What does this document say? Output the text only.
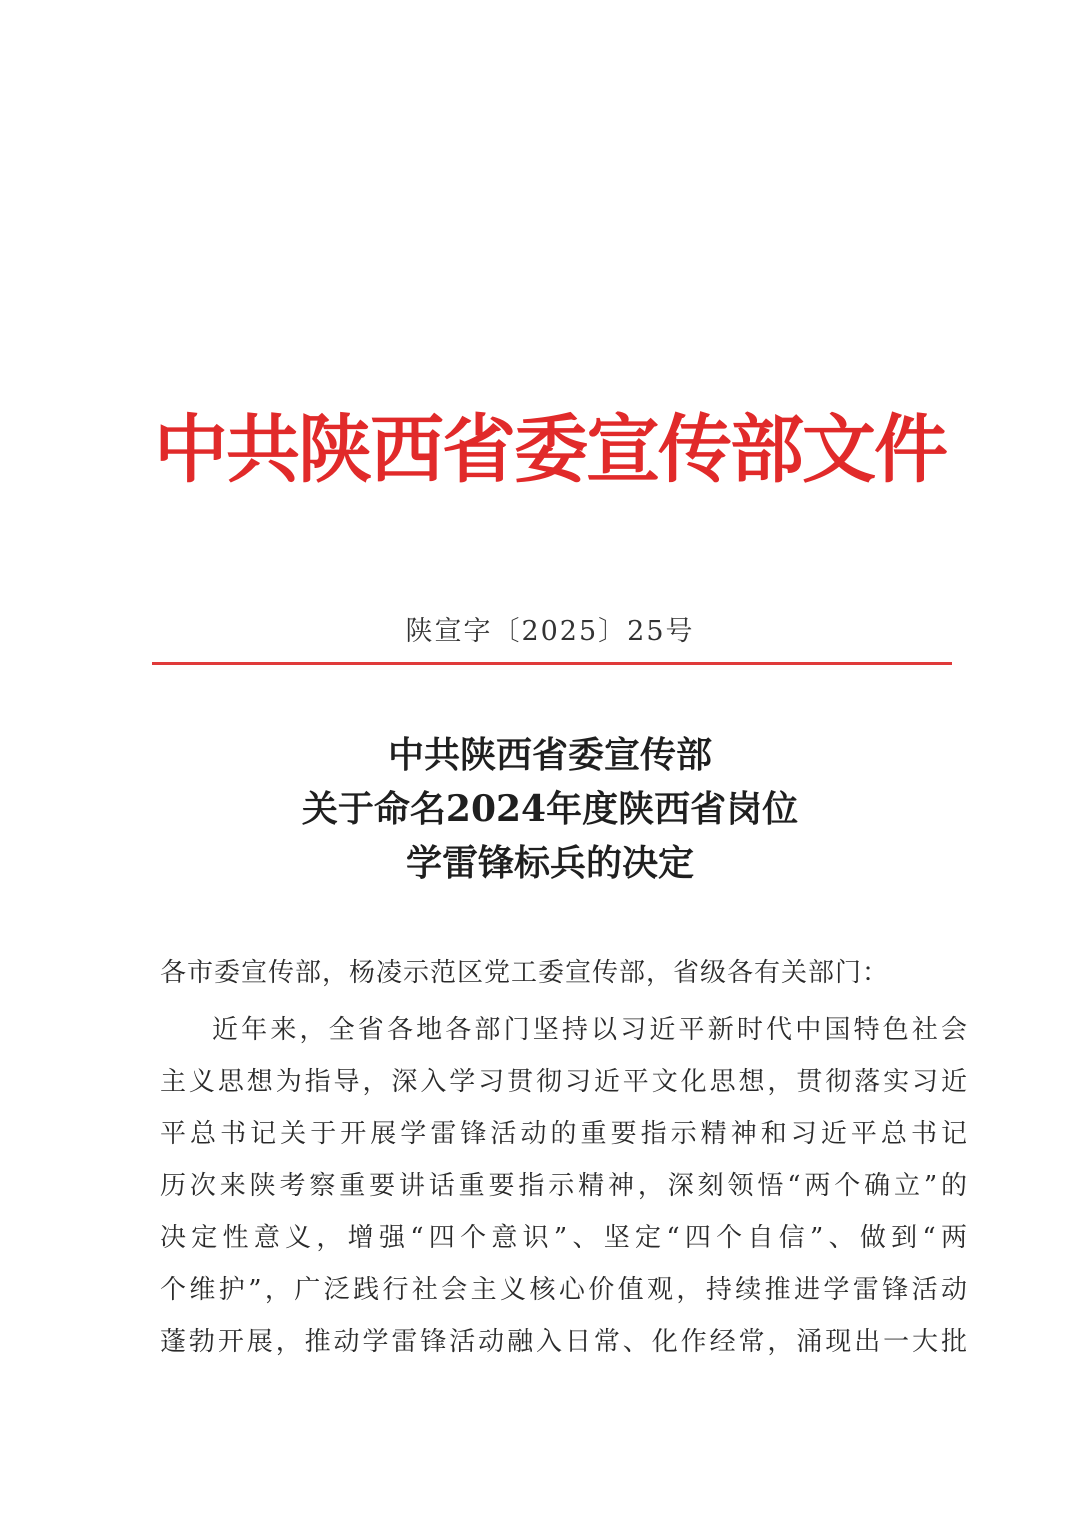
中共陕西省委宣传部文件
陕宣字〔2025〕25号
中共陕西省委宣传部
关于命名2024年度陕西省岗位
学雷锋标兵的决定
各市委宣传部，杨凌示范区党工委宣传部，省级各有关部门：
近年来，全省各地各部门坚持以习近平新时代中国特色社会
主义思想为指导，深入学习贯彻习近平文化思想，贯彻落实习近
平总书记关于开展学雷锋活动的重要指示精神和习近平总书记
历次来陕考察重要讲话重要指示精神，深刻领悟“两个确立”的
决定性意义，增强“四个意识”、坚定“四个自信”、做到“两
个维护”，广泛践行社会主义核心价值观，持续推进学雷锋活动
蓬勃开展，推动学雷锋活动融入日常、化作经常，涌现出一大批
